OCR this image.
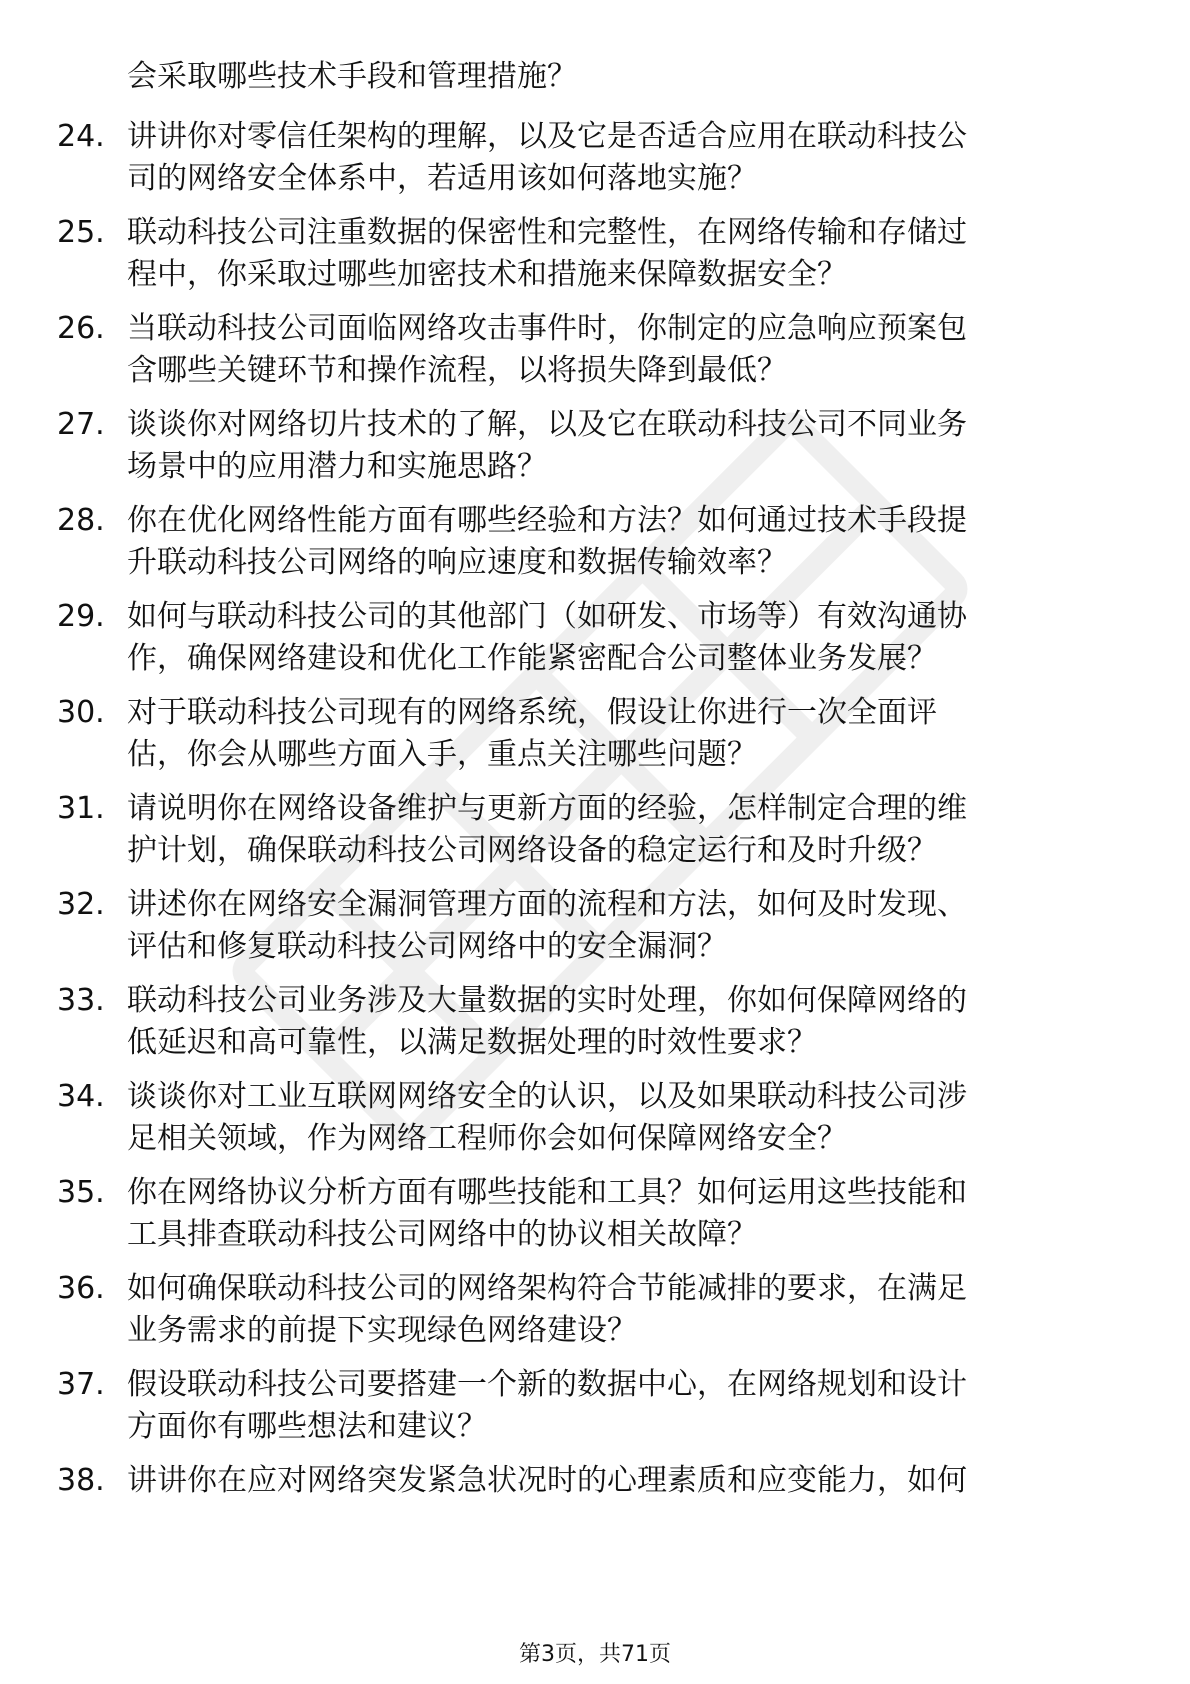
会采取哪些技术手段和管理措施？
24. 讲讲你对零信任架构的理解，以及它是否适合应用在联动科技公
司的网络安全体系中，若适用该如何落地实施？
25. 联动科技公司注重数据的保密性和完整性，在网络传输和存储过
程中，你采取过哪些加密技术和措施来保障数据安全？
26. 当联动科技公司面临网络攻击事件时，你制定的应急响应预案包
含哪些关键环节和操作流程，以将损失降到最低？
27. 谈谈你对网络切片技术的了解，以及它在联动科技公司不同业务
场景中的应用潜力和实施思路？
28. 你在优化网络性能方面有哪些经验和方法？如何通过技术手段提
升联动科技公司网络的响应速度和数据传输效率？
29. 如何与联动科技公司的其他部门（如研发、市场等）有效沟通协
作，确保网络建设和优化工作能紧密配合公司整体业务发展？
30. 对于联动科技公司现有的网络系统，假设让你进行一次全面评
估，你会从哪些方面入手，重点关注哪些问题？
31. 请说明你在网络设备维护与更新方面的经验，怎样制定合理的维
护计划，确保联动科技公司网络设备的稳定运行和及时升级？
32. 讲述你在网络安全漏洞管理方面的流程和方法，如何及时发现、
评估和修复联动科技公司网络中的安全漏洞？
33. 联动科技公司业务涉及大量数据的实时处理，你如何保障网络的
低延迟和高可靠性，以满足数据处理的时效性要求？
34. 谈谈你对工业互联网网络安全的认识，以及如果联动科技公司涉
足相关领域，作为网络工程师你会如何保障网络安全？
35. 你在网络协议分析方面有哪些技能和工具？如何运用这些技能和
工具排查联动科技公司网络中的协议相关故障？
36. 如何确保联动科技公司的网络架构符合节能减排的要求，在满足
业务需求的前提下实现绿色网络建设？
37. 假设联动科技公司要搭建一个新的数据中心，在网络规划和设计
方面你有哪些想法和建议？
38. 讲讲你在应对网络突发紧急状况时的心理素质和应变能力，如何
第3页，共71页
